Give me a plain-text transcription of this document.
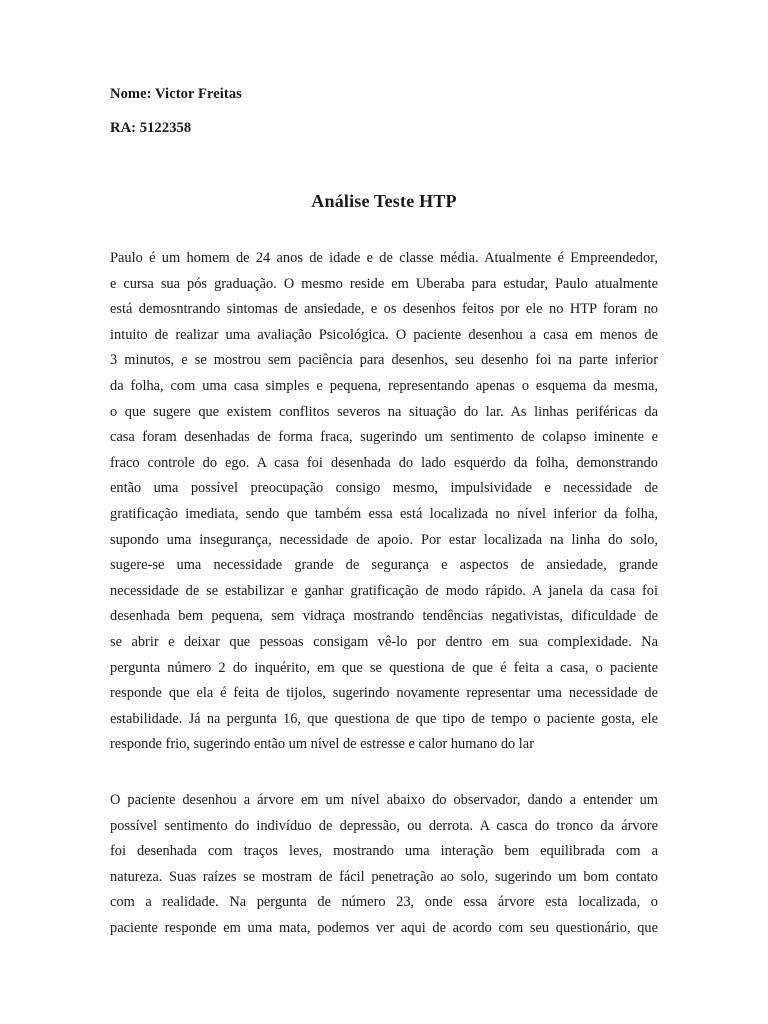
Nome: Victor Freitas
RA: 5122358
Análise Teste HTP

Paulo é um homem de 24 anos de idade e de classe média. Atualmente é Empreendedor,
e cursa sua pós graduação. O mesmo reside em Uberaba para estudar, Paulo atualmente
está demosntrando sintomas de ansiedade, e os desenhos feitos por ele no HTP foram no
intuito de realizar uma avaliação Psicológica. O paciente desenhou a casa em menos de
3 minutos, e se mostrou sem paciência para desenhos, seu desenho foi na parte inferior
da folha, com uma casa simples e pequena, representando apenas o esquema da mesma,
o que sugere que existem conflitos severos na situação do lar. As linhas periféricas da
casa foram desenhadas de forma fraca, sugerindo um sentimento de colapso iminente e
fraco controle do ego. A casa foi desenhada do lado esquerdo da folha, demonstrando
então uma possível preocupação consigo mesmo, impulsividade e necessidade de
gratificação imediata, sendo que também essa está localizada no nível inferior da folha,
supondo uma insegurança, necessidade de apoio. Por estar localizada na linha do solo,
sugere-se uma necessidade grande de segurança e aspectos de ansiedade, grande
necessidade de se estabilizar e ganhar gratificação de modo rápido. A janela da casa foi
desenhada bem pequena, sem vidraça mostrando tendências negativistas, dificuldade de
se abrir e deixar que pessoas consigam vê-lo por dentro em sua complexidade. Na
pergunta número 2 do inquérito, em que se questiona de que é feita a casa, o paciente
responde que ela é feita de tijolos, sugerindo novamente representar uma necessidade de
estabilidade. Já na pergunta 16, que questiona de que tipo de tempo o paciente gosta, ele
responde frio, sugerindo então um nível de estresse e calor humano do lar

O paciente desenhou a árvore em um nível abaixo do observador, dando a entender um
possível sentimento do indivíduo de depressão, ou derrota. A casca do tronco da árvore
foi desenhada com traços leves, mostrando uma interação bem equilibrada com a
natureza. Suas raízes se mostram de fácil penetração ao solo, sugerindo um bom contato
com a realidade. Na pergunta de número 23, onde essa árvore esta localizada, o
paciente responde em uma mata, podemos ver aqui de acordo com seu questionário, que
